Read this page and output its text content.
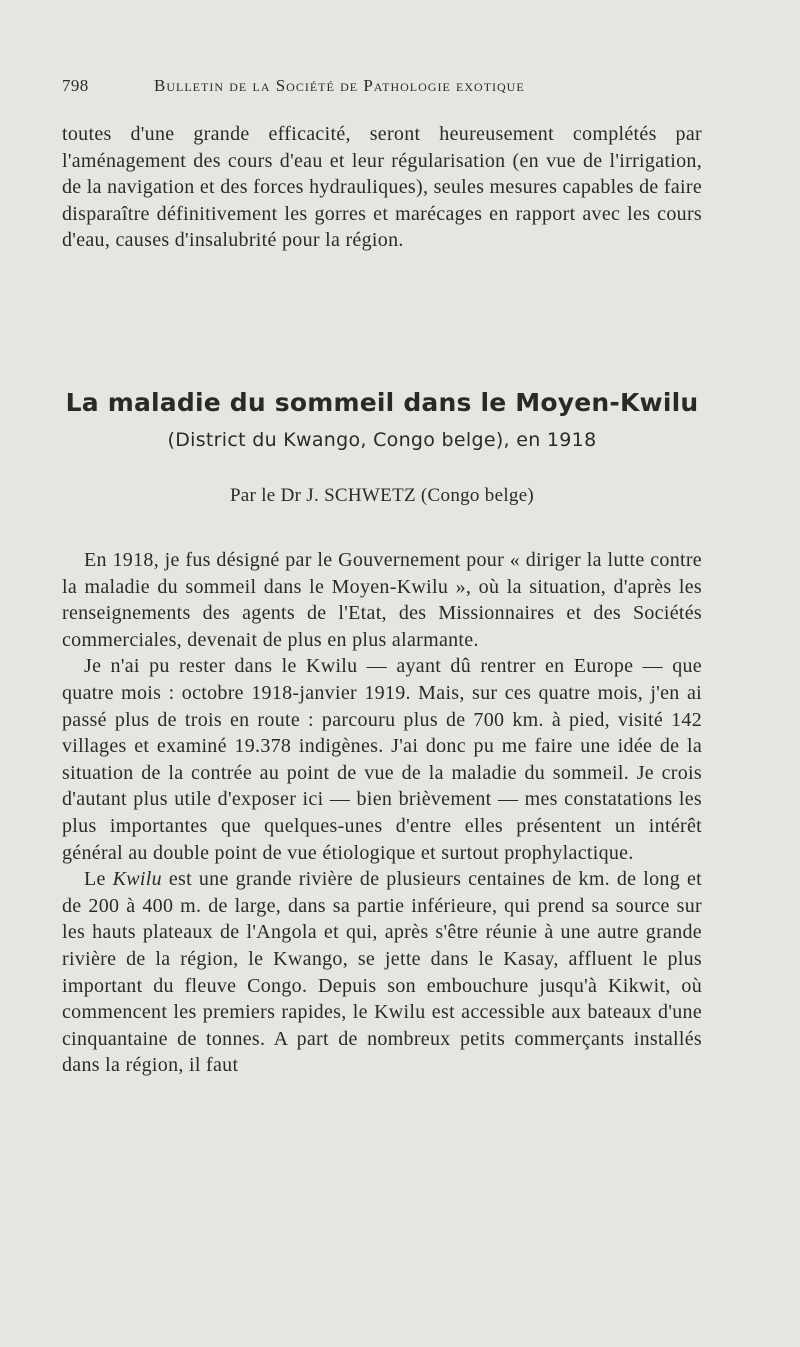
798	Bulletin de la Société de Pathologie exotique

toutes d'une grande efficacité, seront heureusement complétés par l'aménagement des cours d'eau et leur régularisation (en vue de l'irrigation, de la navigation et des forces hydrauliques), seules mesures capables de faire disparaître définitivement les gorres et marécages en rapport avec les cours d'eau, causes d'insalubrité pour la région.

La maladie du sommeil dans le Moyen-Kwilu
(District du Kwango, Congo belge), en 1918
Par le Dr J. SCHWETZ (Congo belge)

En 1918, je fus désigné par le Gouvernement pour « diriger la lutte contre la maladie du sommeil dans le Moyen-Kwilu », où la situation, d'après les renseignements des agents de l'Etat, des Missionnaires et des Sociétés commerciales, devenait de plus en plus alarmante.

Je n'ai pu rester dans le Kwilu — ayant dû rentrer en Europe — que quatre mois : octobre 1918-janvier 1919. Mais, sur ces quatre mois, j'en ai passé plus de trois en route : parcouru plus de 700 km. à pied, visité 142 villages et examiné 19.378 indigènes. J'ai donc pu me faire une idée de la situation de la contrée au point de vue de la maladie du sommeil. Je crois d'autant plus utile d'exposer ici — bien brièvement — mes constatations les plus importantes que quelques-unes d'entre elles présentent un intérêt général au double point de vue étiologique et surtout prophylactique.

Le Kwilu est une grande rivière de plusieurs centaines de km. de long et de 200 à 400 m. de large, dans sa partie inférieure, qui prend sa source sur les hauts plateaux de l'Angola et qui, après s'être réunie à une autre grande rivière de la région, le Kwango, se jette dans le Kasay, affluent le plus important du fleuve Congo. Depuis son embouchure jusqu'à Kikwit, où commencent les premiers rapides, le Kwilu est accessible aux bateaux d'une cinquantaine de tonnes. A part de nombreux petits commerçants installés dans la région, il faut
